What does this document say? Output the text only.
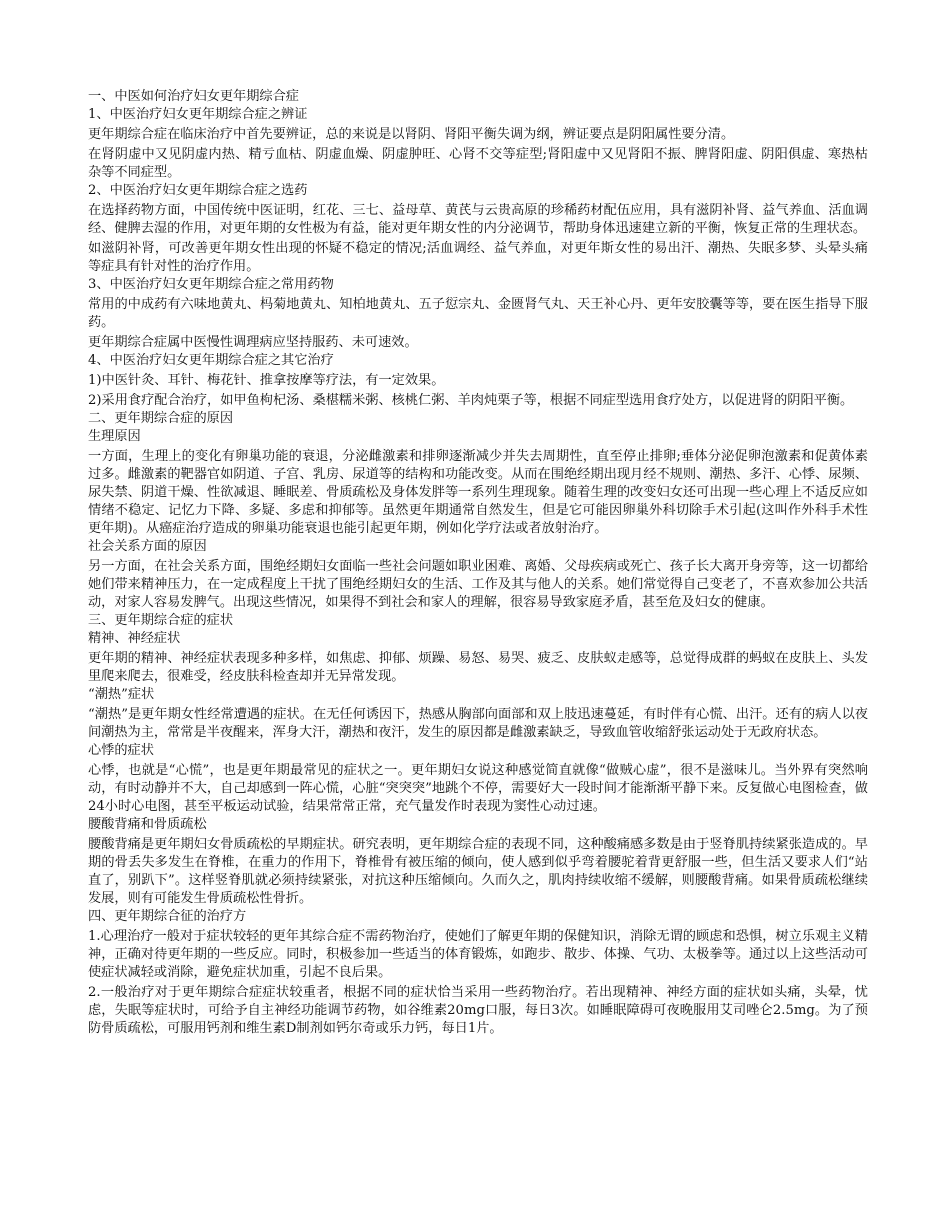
一、中医如何治疗妇女更年期综合症

1、中医治疗妇女更年期综合症之辨证

更年期综合症在临床治疗中首先要辨证，总的来说是以肾阴、肾阳平衡失调为纲，辨证要点是阴阳属性要分清。

在肾阴虚中又见阴虚内热、精亏血枯、阴虚血燥、阴虚肿旺、心肾不交等症型;肾阳虚中又见肾阳不振、脾肾阳虚、阴阳俱虚、寒热枯杂等不同症型。

2、中医治疗妇女更年期综合症之选药

在选择药物方面，中国传统中医证明，红花、三七、益母草、黄芪与云贵高原的珍稀药材配伍应用，具有滋阴补肾、益气养血、活血调经、健脾去湿的作用，对更年期的女性极为有益，能对更年期女性的内分泌调节，帮助身体迅速建立新的平衡，恢复正常的生理状态。

如滋阴补肾，可改善更年期女性出现的怀疑不稳定的情况;活血调经、益气养血，对更年斯女性的易出汗、潮热、失眠多梦、头晕头痛等症具有针对性的治疗作用。

3、中医治疗妇女更年期综合症之常用药物

常用的中成药有六味地黄丸、杩菊地黄丸、知柏地黄丸、五子愆宗丸、金匮肾气丸、天王补心丹、更年安胶囊等等，要在医生指导下服药。

更年期综合症属中医慢性调理病应坚持服药、未可速效。

4、中医治疗妇女更年期综合症之其它治疗

1)中医针灸、耳针、梅花针、推拿按摩等疗法，有一定效果。

2)采用食疗配合治疗，如甲鱼枸杞汤、桑椹糯米粥、核桃仁粥、羊肉炖栗子等，根据不同症型选用食疗处方，以促进肾的阴阳平衡。

二、更年期综合症的原因

生理原因

一方面，生理上的变化有卵巢功能的衰退，分泌雌激素和排卵逐渐减少并失去周期性，直至停止排卵;垂体分泌促卵泡激素和促黄体素过多。雌激素的靶器官如阴道、子宫、乳房、尿道等的结构和功能改变。从而在围绝经期出现月经不规则、潮热、多汗、心悸、尿频、尿失禁、阴道干燥、性欲减退、睡眠差、骨质疏松及身体发胖等一系列生理现象。随着生理的改变妇女还可出现一些心理上不适反应如情绪不稳定、记忆力下降、多疑、多虑和抑郁等。虽然更年期通常自然发生，但是它可能因卵巢外科切除手术引起(这叫作外科手术性更年期)。从癌症治疗造成的卵巢功能衰退也能引起更年期，例如化学疗法或者放射治疗。

社会关系方面的原因

另一方面，在社会关系方面，围绝经期妇女面临一些社会问题如职业困难、离婚、父母疾病或死亡、孩子长大离开身旁等，这一切都给她们带来精神压力，在一定成程度上干扰了围绝经期妇女的生活、工作及其与他人的关系。她们常觉得自己变老了，不喜欢参加公共活动，对家人容易发脾气。出现这些情况，如果得不到社会和家人的理解，很容易导致家庭矛盾，甚至危及妇女的健康。

三、更年期综合症的症状

精神、神经症状

更年期的精神、神经症状表现多种多样，如焦虑、抑郁、烦躁、易怒、易哭、疲乏、皮肤蚁走感等，总觉得成群的蚂蚁在皮肤上、头发里爬来爬去，很难受，经皮肤科检查却并无异常发现。

“潮热”症状

“潮热”是更年期女性经常遭遇的症状。在无任何诱因下，热感从胸部向面部和双上肢迅速蔓延，有时伴有心慌、出汗。还有的病人以夜间潮热为主，常常是半夜醒来，浑身大汗，潮热和夜汗，发生的原因都是雌激素缺乏，导致血管收缩舒张运动处于无政府状态。

心悸的症状

心悸，也就是“心慌”，也是更年期最常见的症状之一。更年期妇女说这种感觉简直就像“做贼心虚”，很不是滋味儿。当外界有突然响动，有时动静并不大，自己却感到一阵心慌，心脏“突突突”地跳个不停，需要好大一段时间才能渐渐平静下来。反复做心电图检查，做24小时心电图，甚至平板运动试验，结果常常正常，充气量发作时表现为窦性心动过速。

腰酸背痛和骨质疏松

腰酸背痛是更年期妇女骨质疏松的早期症状。研究表明，更年期综合症的表现不同，这种酸痛感多数是由于竖脊肌持续紧张造成的。早期的骨丢失多发生在脊椎，在重力的作用下，脊椎骨有被压缩的倾向，使人感到似乎弯着腰驼着背更舒服一些，但生活又要求人们“站直了，别趴下”。这样竖脊肌就必须持续紧张，对抗这种压缩倾向。久而久之，肌肉持续收缩不缓解，则腰酸背痛。如果骨质疏松继续发展，则有可能发生骨质疏松性骨折。

四、更年期综合征的治疗方

1.心理治疗一般对于症状较轻的更年其综合症不需药物治疗，使她们了解更年期的保健知识，消除无谓的顾虑和恐惧，树立乐观主义精神，正确对待更年期的一些反应。同时，积极参加一些适当的体育锻炼，如跑步、散步、体操、气功、太极拳等。通过以上这些活动可使症状减轻或消除，避免症状加重，引起不良后果。

2.一般治疗对于更年期综合症症状较重者，根据不同的症状恰当采用一些药物治疗。若出现精神、神经方面的症状如头痛，头晕，忧虑，失眠等症状时，可给予自主神经功能调节药物，如谷维素20mg口服，每日3次。如睡眠障碍可夜晚服用艾司唑仑2.5mg。为了预防骨质疏松，可服用钙剂和维生素D制剂如钙尔奇或乐力钙，每日1片。
